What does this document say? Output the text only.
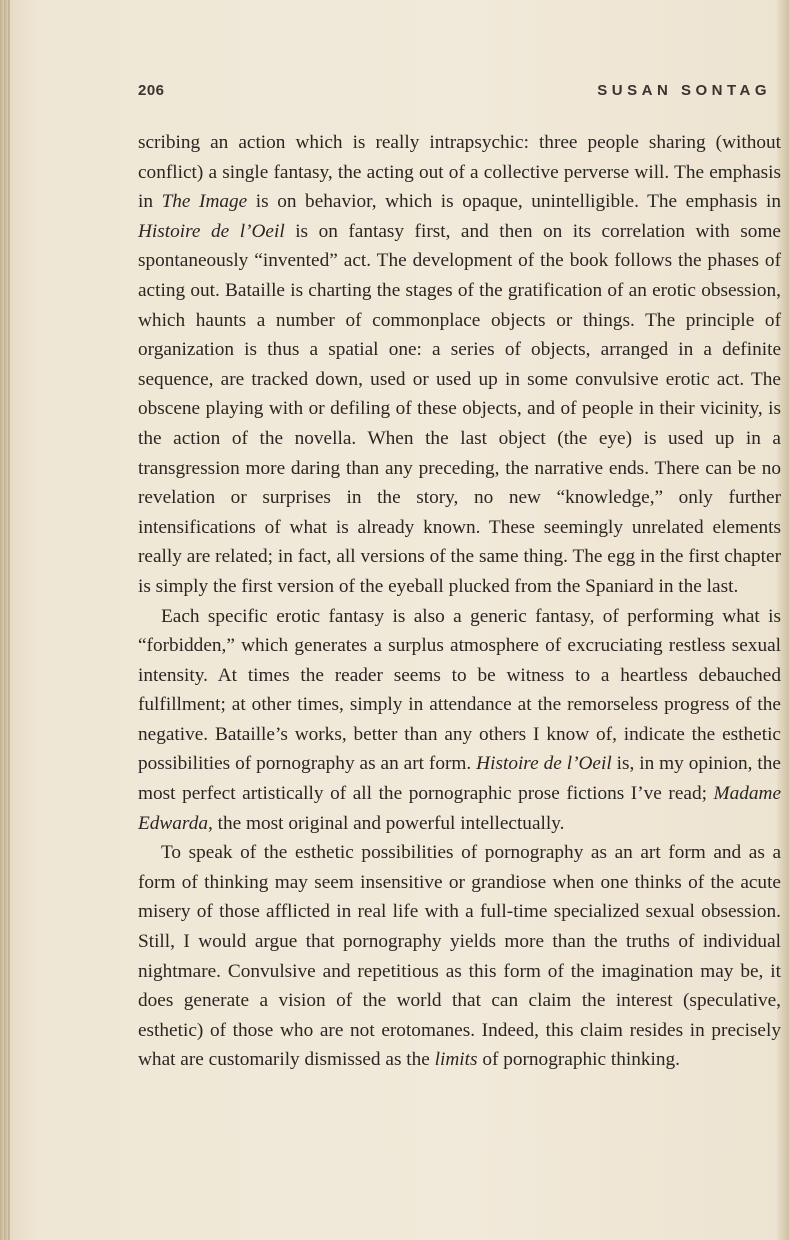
206	SUSAN SONTAG

scribing an action which is really intrapsychic: three people sharing (without conflict) a single fantasy, the acting out of a collective perverse will. The emphasis in The Image is on behavior, which is opaque, unintelligible. The emphasis in Histoire de l’Oeil is on fantasy first, and then on its correlation with some spontaneously “invented” act. The development of the book follows the phases of acting out. Bataille is charting the stages of the gratification of an erotic obsession, which haunts a number of commonplace objects or things. The principle of organization is thus a spatial one: a series of objects, arranged in a definite sequence, are tracked down, used or used up in some convulsive erotic act. The obscene playing with or defiling of these objects, and of people in their vicinity, is the action of the novella. When the last object (the eye) is used up in a transgression more daring than any preceding, the narrative ends. There can be no revelation or surprises in the story, no new “knowledge,” only further intensifications of what is already known. These seemingly unrelated elements really are related; in fact, all versions of the same thing. The egg in the first chapter is simply the first version of the eyeball plucked from the Spaniard in the last.

Each specific erotic fantasy is also a generic fantasy, of performing what is “forbidden,” which generates a surplus atmosphere of excruciating restless sexual intensity. At times the reader seems to be witness to a heartless debauched fulfillment; at other times, simply in attendance at the remorseless progress of the negative. Bataille’s works, better than any others I know of, indicate the esthetic possibilities of pornography as an art form. Histoire de l’Oeil is, in my opinion, the most perfect artistically of all the pornographic prose fictions I’ve read; Madame Edwarda, the most original and powerful intellectually.

To speak of the esthetic possibilities of pornography as an art form and as a form of thinking may seem insensitive or grandiose when one thinks of the acute misery of those afflicted in real life with a full-time specialized sexual obsession. Still, I would argue that pornography yields more than the truths of individual nightmare. Convulsive and repetitious as this form of the imagination may be, it does generate a vision of the world that can claim the interest (speculative, esthetic) of those who are not erotomanes. Indeed, this claim resides in precisely what are customarily dismissed as the limits of pornographic thinking.
